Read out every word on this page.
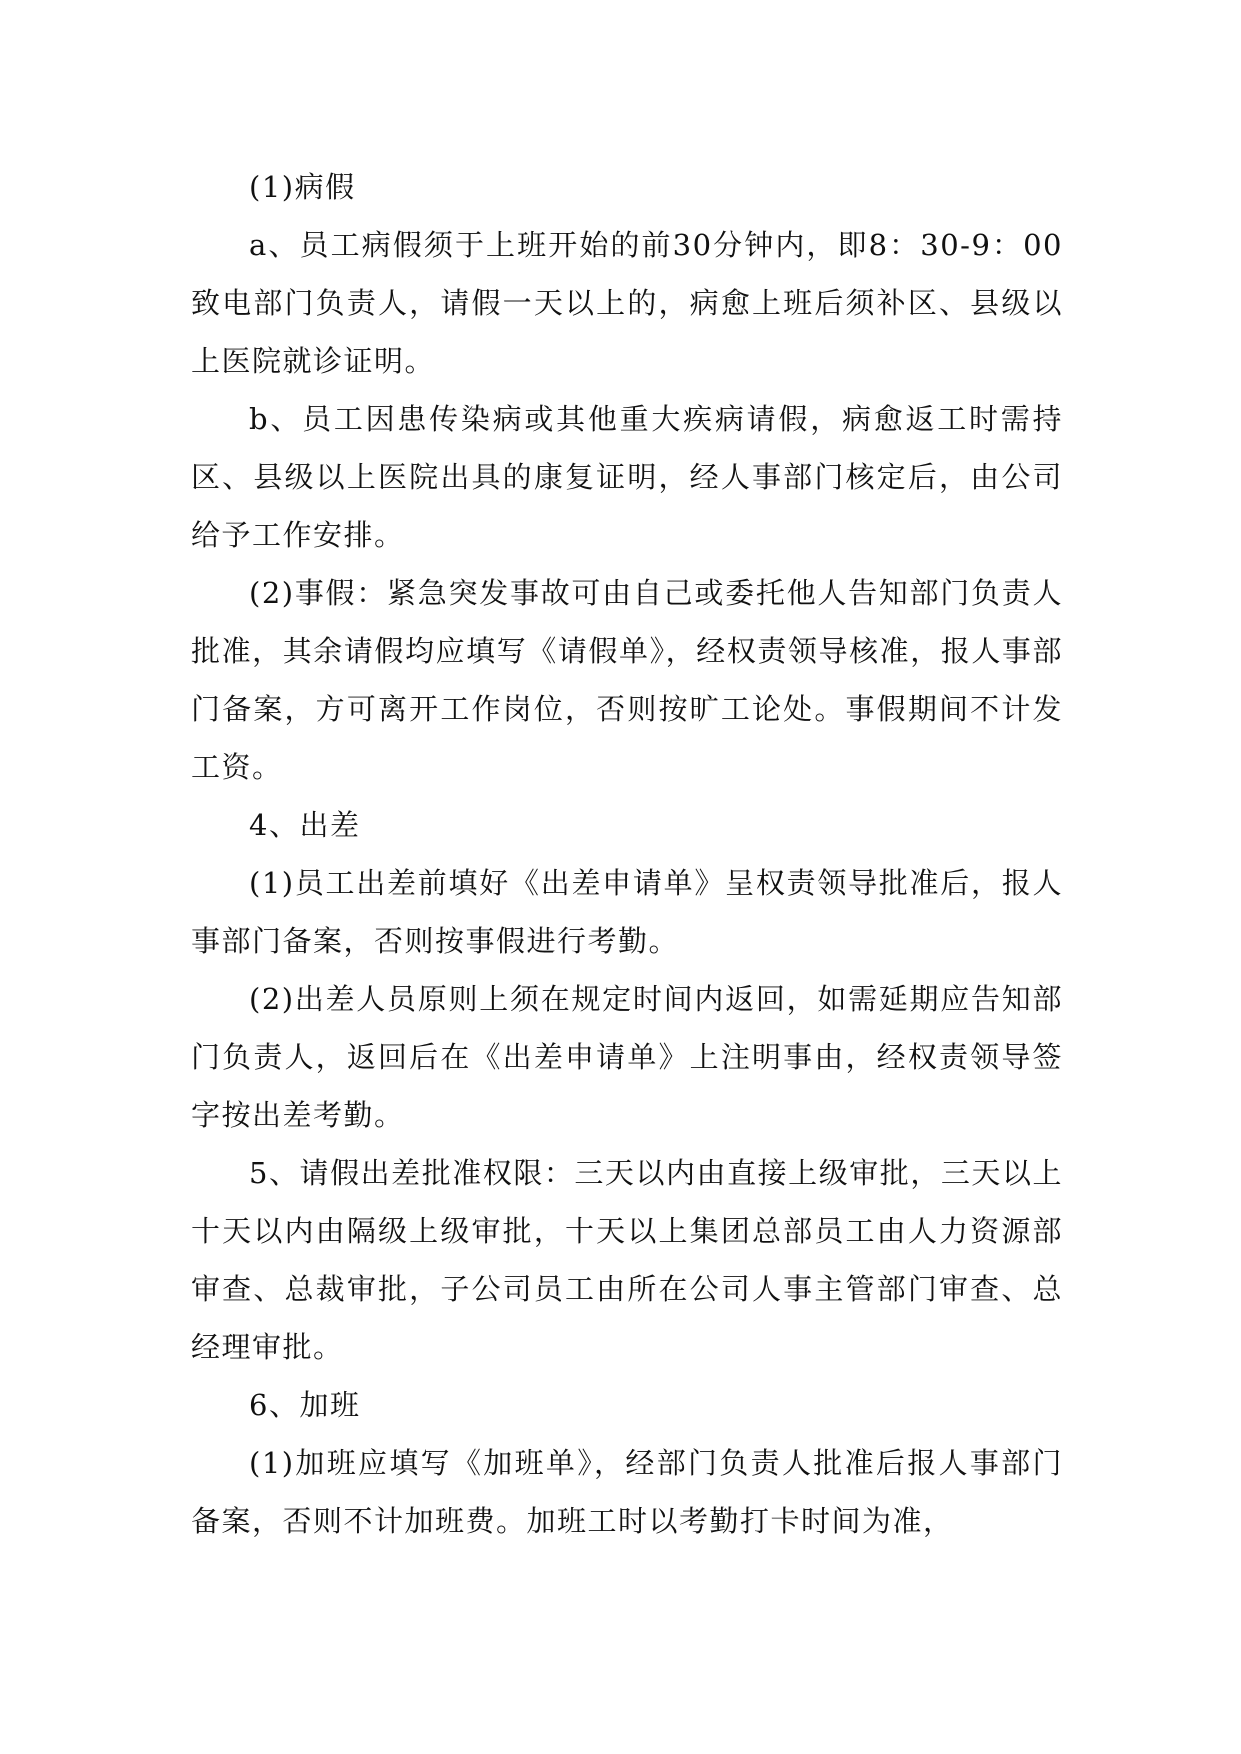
(1)病假

a、员工病假须于上班开始的前30分钟内，即8：30-9：00致电部门负责人，请假一天以上的，病愈上班后须补区、县级以上医院就诊证明。

b、员工因患传染病或其他重大疾病请假，病愈返工时需持区、县级以上医院出具的康复证明，经人事部门核定后，由公司给予工作安排。

(2)事假：紧急突发事故可由自己或委托他人告知部门负责人批准，其余请假均应填写《请假单》，经权责领导核准，报人事部门备案，方可离开工作岗位，否则按旷工论处。事假期间不计发工资。

4、出差

(1)员工出差前填好《出差申请单》呈权责领导批准后，报人事部门备案，否则按事假进行考勤。

(2)出差人员原则上须在规定时间内返回，如需延期应告知部门负责人，返回后在《出差申请单》上注明事由，经权责领导签字按出差考勤。

5、请假出差批准权限：三天以内由直接上级审批，三天以上十天以内由隔级上级审批，十天以上集团总部员工由人力资源部审查、总裁审批，子公司员工由所在公司人事主管部门审查、总经理审批。

6、加班

(1)加班应填写《加班单》，经部门负责人批准后报人事部门备案，否则不计加班费。加班工时以考勤打卡时间为准，
